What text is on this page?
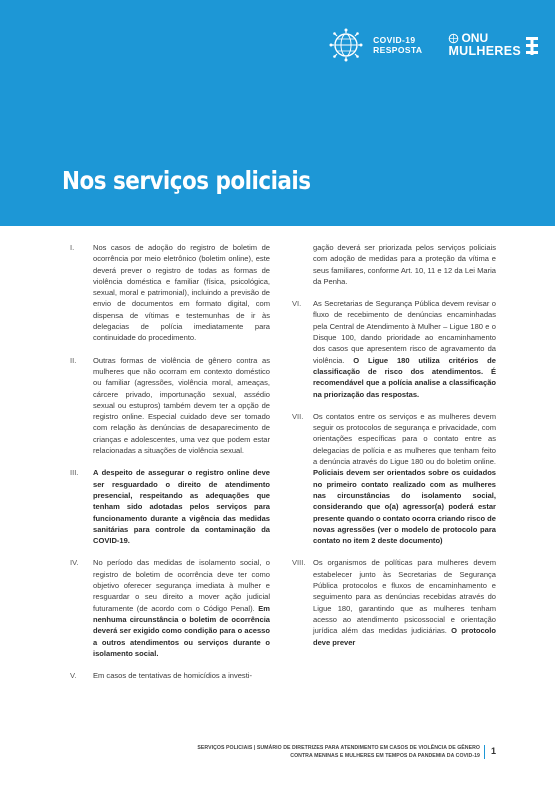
COVID-19
RESPOSTA
ONU
MULHERES
Nos serviços policiais
I. Nos casos de adoção do registro de boletim de ocorrência por meio eletrônico (boletim online), este deverá prever o registro de todas as formas de violência doméstica e familiar (física, psicológica, sexual, moral e patrimonial), incluindo a previsão de envio de documentos em formato digital, com dispensa de vítimas e testemunhas de ir às delegacias de polícia imediatamente para continuidade do procedimento.

II. Outras formas de violência de gênero contra as mulheres que não ocorram em contexto doméstico ou familiar (agressões, violência moral, ameaças, cárcere privado, importunação sexual, assédio sexual ou estupros) também devem ter a opção de registro online. Especial cuidado deve ser tomado com relação às denúncias de desaparecimento de crianças e adolescentes, uma vez que podem estar relacionadas a situações de violência sexual.

III. A despeito de assegurar o registro online deve ser resguardado o direito de atendimento presencial, respeitando as adequações que tenham sido adotadas pelos serviços para funcionamento durante a vigência das medidas sanitárias para controle da contaminação da COVID-19.

IV. No período das medidas de isolamento social, o registro de boletim de ocorrência deve ter como objetivo oferecer segurança imediata à mulher e resguardar o seu direito a mover ação judicial futuramente (de acordo com o Código Penal). Em nenhuma circunstância o boletim de ocorrência deverá ser exigido como condição para o acesso a outros atendimentos ou serviços durante o isolamento social.

V. Em casos de tentativas de homicídios a investi-

gação deverá ser priorizada pelos serviços policiais com adoção de medidas para a proteção da vítima e seus familiares, conforme Art. 10, 11 e 12 da Lei Maria da Penha.

VI. As Secretarias de Segurança Pública devem revisar o fluxo de recebimento de denúncias encaminhadas pela Central de Atendimento à Mulher – Ligue 180 e o Disque 100, dando prioridade ao encaminhamento dos casos que apresentem risco de agravamento da violência. O Ligue 180 utiliza critérios de classificação de risco dos atendimentos. É recomendável que a polícia analise a classificação na priorização das respostas.

VII. Os contatos entre os serviços e as mulheres devem seguir os protocolos de segurança e privacidade, com orientações específicas para o contato entre as delegacias de polícia e as mulheres que tenham feito a denúncia através do Ligue 180 ou do boletim online. Policiais devem ser orientados sobre os cuidados no primeiro contato realizado com as mulheres nas circunstâncias do isolamento social, considerando que o(a) agressor(a) poderá estar presente quando o contato ocorra criando risco de novas agressões (ver o modelo de protocolo para contato no item 2 deste documento)

VIII. Os organismos de políticas para mulheres devem estabelecer junto às Secretarias de Segurança Pública protocolos e fluxos de encaminhamento e seguimento para as denúncias recebidas através do Ligue 180, garantindo que as mulheres tenham acesso ao atendimento psicossocial e orientação jurídica além das medidas judiciárias. O protocolo deve prever

SERVIÇOS POLICIAIS | SUMÁRIO DE DIRETRIZES PARA ATENDIMENTO EM CASOS DE VIOLÊNCIA DE GÊNERO
CONTRA MENINAS E MULHERES EM TEMPOS DA PANDEMIA DA COVID-19 1
